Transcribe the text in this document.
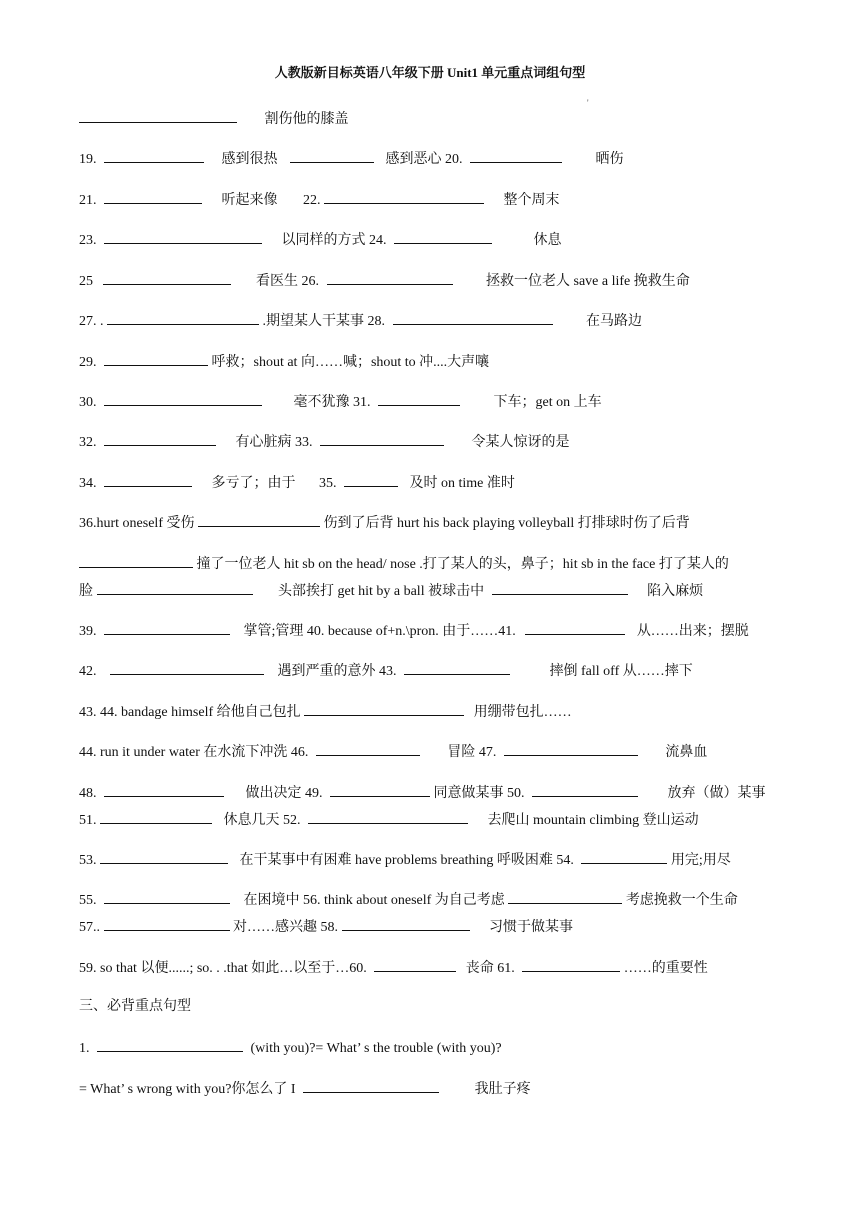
人教版新目标英语八年级下册 Unit1 单元重点词组句型
'
割伤他的膝盖
19.	感到很热	感到恶心 20.	晒伤
21.	听起来像 22.	整个周末
23.	以同样的方式 24.	休息
25	看医生 26.	拯救一位老人 save a life 挽救生命
27. .	.期望某人干某事 28.	在马路边
29.	呼救；shout at 向……喊；shout to 冲....大声嚷
30.	毫不犹豫 31.	下车；get on 上车
32.	有心脏病 33.	令某人惊讶的是
34.	多亏了；由于 35.	及时 on time 准时
36.hurt oneself 受伤	伤到了后背 hurt his back playing volleyball 打排球时伤了后背
撞了一位老人 hit sb on the head/ nose .打了某人的头，鼻子；hit sb in the face 打了某人的
脸	头部挨打 get hit by a ball 被球击中	陷入麻烦
39.	掌管;管理 40. because of+n.\pron. 由于……41.	从……出来；摆脱
42.	遇到严重的意外 43.	摔倒 fall off 从……摔下
43. 44. bandage himself 给他自己包扎	用绷带包扎……
44. run it under water 在水流下冲洗 46.	冒险 47.	流鼻血
48.	做出决定 49.	同意做某事 50.	放弃（做）某事
51.	休息几天 52.	去爬山 mountain climbing 登山运动
53.	在干某事中有困难 have problems breathing 呼吸困难 54.	用完;用尽
55.	在困境中 56. think about oneself 为自己考虑	考虑挽救一个生命
57..	对……感兴趣 58.	习惯于做某事
59. so that 以便......; so. . .that 如此…以至于…60.	丧命 61.	……的重要性
三、必背重点句型
1.	(with you)?= What’ s the trouble (with you)?
= What’ s wrong with you?你怎么了 I	我肚子疼
